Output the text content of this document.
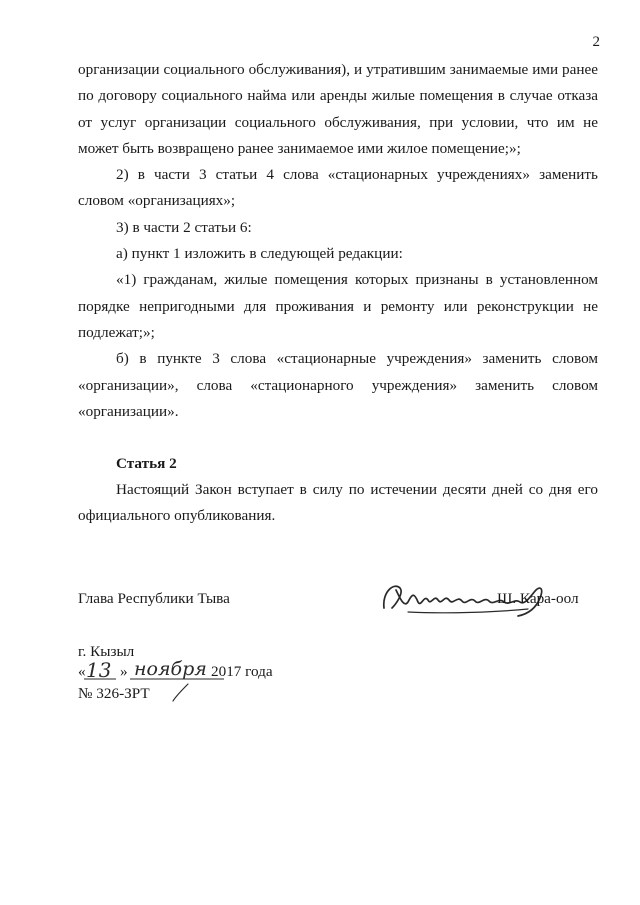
2

организации социального обслуживания), и утратившим занимаемые ими ранее по договору социального найма или аренды жилые помещения в случае отказа от услуг организации социального обслуживания, при условии, что им не может быть возвращено ранее занимаемое ими жилое помещение;»;

2) в части 3 статьи 4 слова «стационарных учреждениях» заменить словом «организациях»;

3) в части 2 статьи 6:

а) пункт 1 изложить в следующей редакции:

«1) гражданам, жилые помещения которых признаны в установленном порядке непригодными для проживания и ремонту или реконструкции не подлежат;»;

б) в пункте 3 слова «стационарные учреждения» заменить словом «организации», слова «стационарного учреждения» заменить словом «организации».

Статья 2

Настоящий Закон вступает в силу по истечении десяти дней со дня его официального опубликования.

Глава Республики Тыва	Ш. Кара-оол
г. Кызыл
« 13 » ноября 2017 года
№ 326-ЗРТ
